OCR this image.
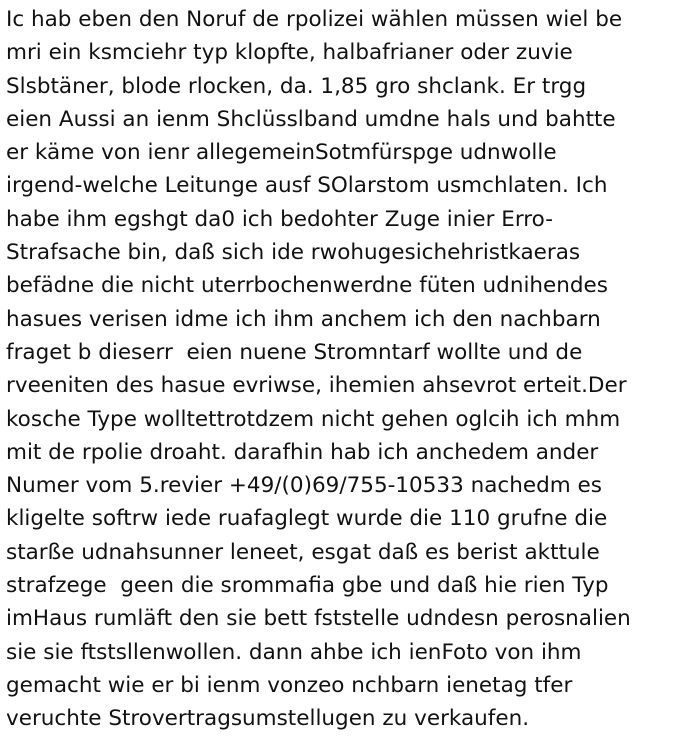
Ic hab eben den Noruf de rpolizei wählen müssen wiel be
mri ein ksmciehr typ klopfte, halbafrianer oder zuvie
Slsbtäner, blode rlocken, da. 1,85 gro shclank. Er trgg
eien Aussi an ienm Shclüsslband umdne hals und bahtte
er käme von ienr allegemeinSotmfürspge udnwolle
irgend-welche Leitunge ausf SOlarstom usmchlaten. Ich
habe ihm egshgt da0 ich bedohter Zuge inier Erro-
Strafsache bin, daß sich ide rwohugesichehristkaeras
befädne die nicht uterrbochenwerdne füten udnihendes
hasues verisen idme ich ihm anchem ich den nachbarn
fraget b dieserr  eien nuene Stromntarf wollte und de
rveeniten des hasue evriwse, ihemien ahsevrot erteit.Der
kosche Type wolltettrotdzem nicht gehen oglcih ich mhm
mit de rpolie droaht. darafhin hab ich anchedem ander
Numer vom 5.revier +49/(0)69/755-10533 nachedm es
kligelte softrw iede ruafaglegt wurde die 110 grufne die
starße udnahsunner leneet, esgat daß es berist akttule
strafzege  geen die srommafia gbe und daß hie rien Typ
imHaus rumläft den sie bett fststelle udndesn perosnalien
sie sie ftstsllenwollen. dann ahbe ich ienFoto von ihm
gemacht wie er bi ienm vonzeo nchbarn ienetag tfer
veruchte Strovertragsumstellugen zu verkaufen.
